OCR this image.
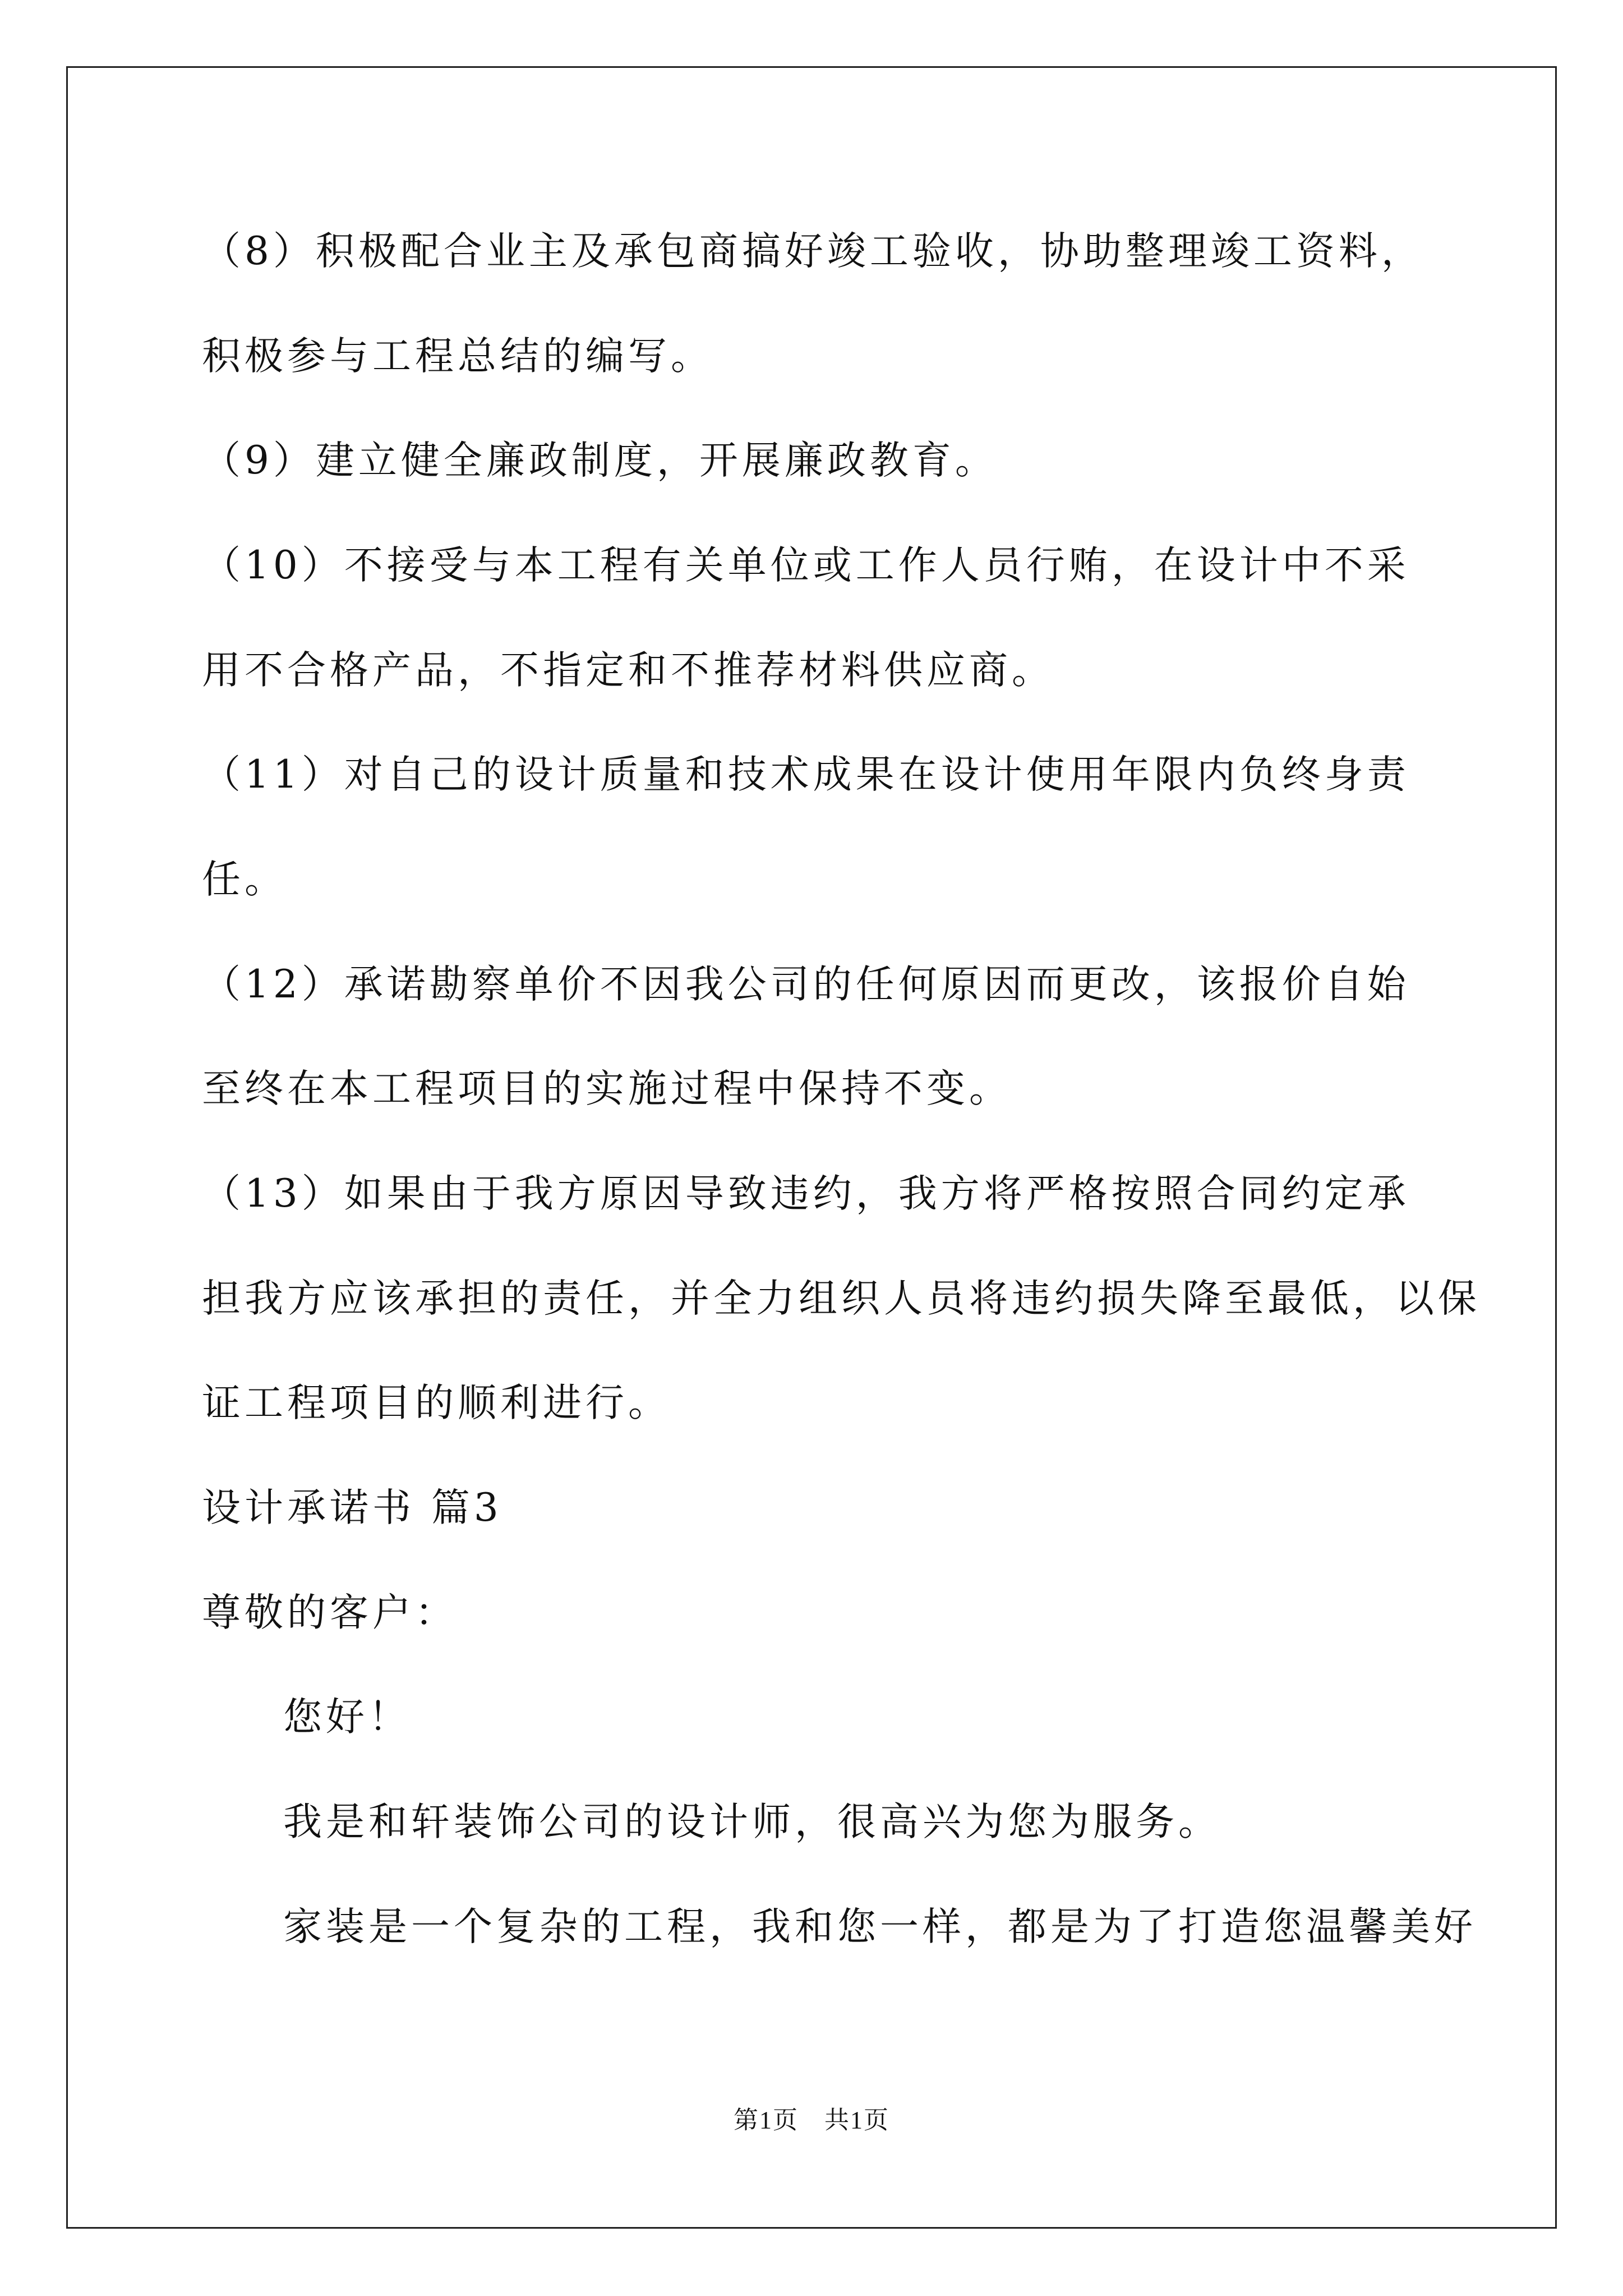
（8）积极配合业主及承包商搞好竣工验收，协助整理竣工资料，
积极参与工程总结的编写。
（9）建立健全廉政制度，开展廉政教育。
（10）不接受与本工程有关单位或工作人员行贿，在设计中不采
用不合格产品，不指定和不推荐材料供应商。
（11）对自己的设计质量和技术成果在设计使用年限内负终身责
任。
（12）承诺勘察单价不因我公司的任何原因而更改，该报价自始
至终在本工程项目的实施过程中保持不变。
（13）如果由于我方原因导致违约，我方将严格按照合同约定承
担我方应该承担的责任，并全力组织人员将违约损失降至最低，以保
证工程项目的顺利进行。
设计承诺书 篇3
尊敬的客户：
您好！
我是和轩装饰公司的设计师，很高兴为您为服务。
家装是一个复杂的工程，我和您一样，都是为了打造您温馨美好
第1页　共1页
